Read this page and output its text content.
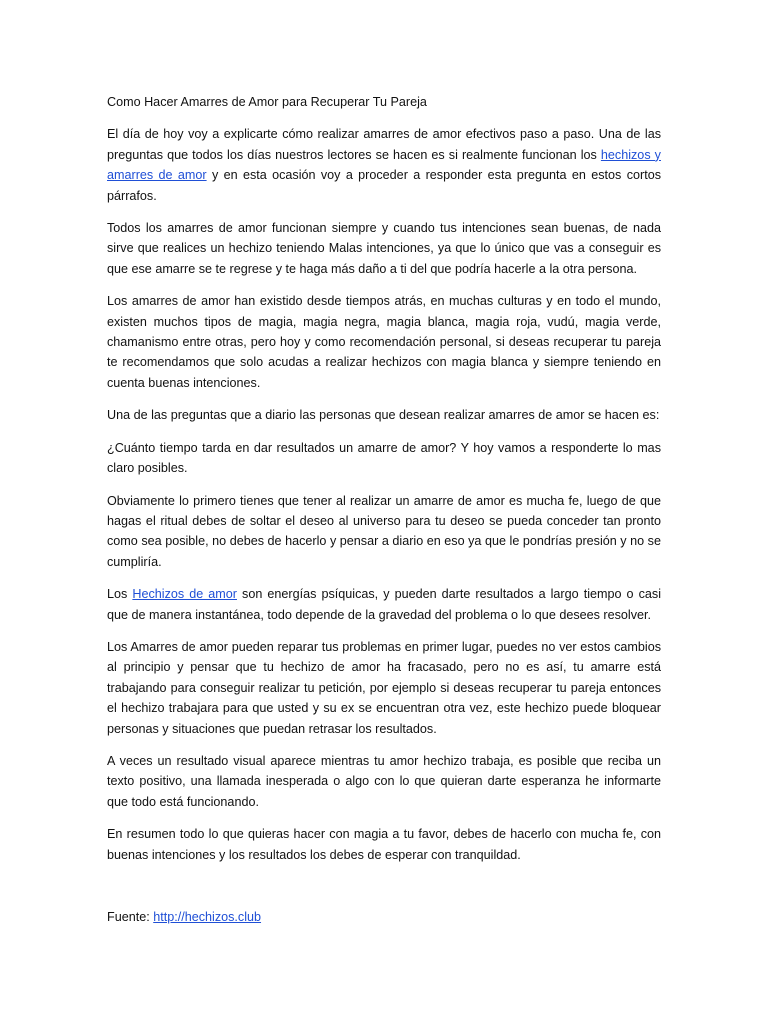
Como Hacer Amarres de Amor para Recuperar Tu Pareja

El día de hoy voy a explicarte cómo realizar amarres de amor efectivos paso a paso. Una de las preguntas que todos los días nuestros lectores se hacen es si realmente funcionan los hechizos y amarres de amor y en esta ocasión voy a proceder a responder esta pregunta en estos cortos párrafos.

Todos los amarres de amor funcionan siempre y cuando tus intenciones sean buenas, de nada sirve que realices un hechizo teniendo Malas intenciones, ya que lo único que vas a conseguir es que ese amarre se te regrese y te haga más daño a ti del que podría hacerle a la otra persona.

Los amarres de amor han existido desde tiempos atrás, en muchas culturas y en todo el mundo, existen muchos tipos de magia, magia negra, magia blanca, magia roja, vudú, magia verde, chamanismo entre otras, pero hoy y como recomendación personal, si deseas recuperar tu pareja te recomendamos que solo acudas a realizar hechizos con magia blanca y siempre teniendo en cuenta buenas intenciones.

Una de las preguntas que a diario las personas que desean realizar amarres de amor se hacen es:

¿Cuánto tiempo tarda en dar resultados un amarre de amor? Y hoy vamos a responderte lo mas claro posibles.

Obviamente lo primero tienes que tener al realizar un amarre de amor es mucha fe, luego de que hagas el ritual debes de soltar el deseo al universo para tu deseo se pueda conceder tan pronto como sea posible, no debes de hacerlo y pensar a diario en eso ya que le pondrías presión y no se cumpliría.

Los Hechizos de amor son energías psíquicas, y pueden darte resultados a largo tiempo o casi que de manera instantánea, todo depende de la gravedad del problema o lo que desees resolver.

Los Amarres de amor pueden reparar tus problemas en primer lugar, puedes no ver estos cambios al principio y pensar que tu hechizo de amor ha fracasado, pero no es así, tu amarre está trabajando para conseguir realizar tu petición, por ejemplo si deseas recuperar tu pareja entonces el hechizo trabajara para que usted y su ex se encuentran otra vez, este hechizo puede bloquear personas y situaciones que puedan retrasar los resultados.

A veces un resultado visual aparece mientras tu amor hechizo trabaja, es posible que reciba un texto positivo, una llamada inesperada o algo con lo que quieran darte esperanza he informarte que todo está funcionando.

En resumen todo lo que quieras hacer con magia a tu favor, debes de hacerlo con mucha fe, con buenas intenciones y los resultados los debes de esperar con tranquildad.

Fuente: http://hechizos.club
